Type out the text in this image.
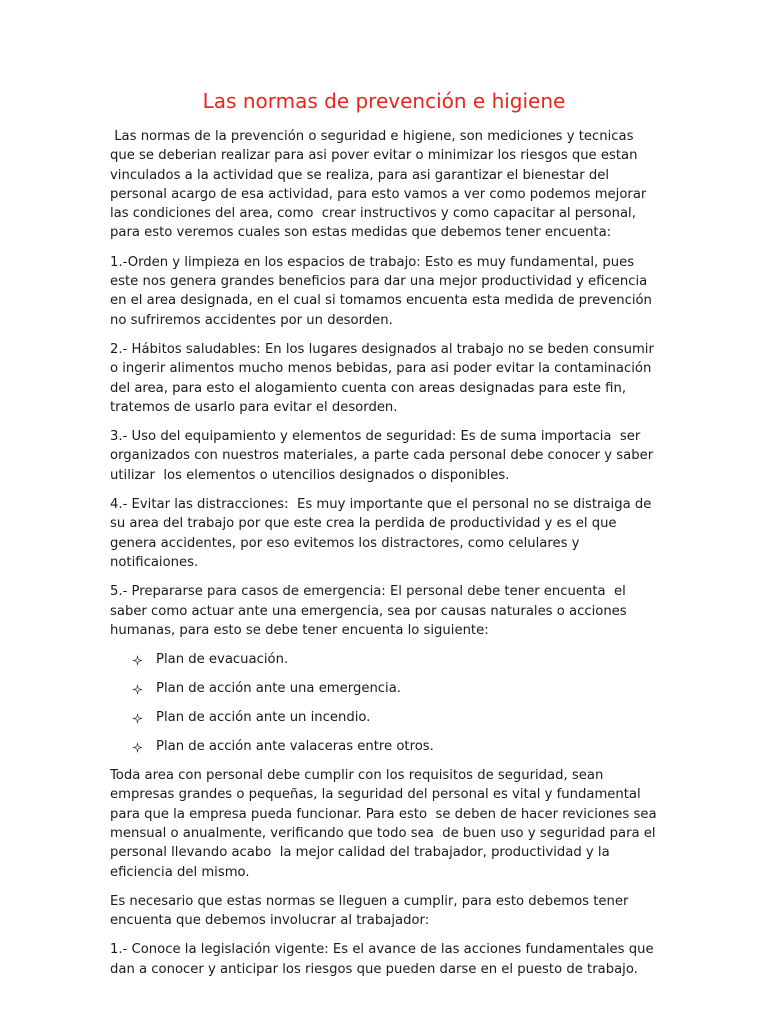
Las normas de prevención e higiene

Las normas de la prevención o seguridad e higiene, son mediciones y tecnicas  que se deberian realizar para asi pover evitar o minimizar los riesgos que estan vinculados a la actividad que se realiza, para asi garantizar el bienestar del personal acargo de esa actividad, para esto vamos a ver como podemos mejorar las condiciones del area, como  crear instructivos y como capacitar al personal, para esto veremos cuales son estas medidas que debemos tener encuenta:

1.-Orden y limpieza en los espacios de trabajo: Esto es muy fundamental, pues este nos genera grandes beneficios para dar una mejor productividad y eficencia en el area designada, en el cual si tomamos encuenta esta medida de prevención no sufriremos accidentes por un desorden.

2.- Hábitos saludables: En los lugares designados al trabajo no se beden consumir o ingerir alimentos mucho menos bebidas, para asi poder evitar la contaminación del area, para esto el alogamiento cuenta con areas designadas para este fin, tratemos de usarlo para evitar el desorden.

3.- Uso del equipamiento y elementos de seguridad: Es de suma importacia  ser organizados con nuestros materiales, a parte cada personal debe conocer y saber utilizar  los elementos o utencilios designados o disponibles.

4.- Evitar las distracciones:  Es muy importante que el personal no se distraiga de su area del trabajo por que este crea la perdida de productividad y es el que genera accidentes, por eso evitemos los distractores, como celulares y notificaiones.

5.- Prepararse para casos de emergencia: El personal debe tener encuenta  el saber como actuar ante una emergencia, sea por causas naturales o acciones humanas, para esto se debe tener encuenta lo siguiente:

Plan de evacuación.
Plan de acción ante una emergencia.
Plan de acción ante un incendio.
Plan de acción ante valaceras entre otros.

Toda area con personal debe cumplir con los requisitos de seguridad, sean empresas grandes o pequeñas, la seguridad del personal es vital y fundamental para que la empresa pueda funcionar. Para esto  se deben de hacer reviciones sea mensual o anualmente, verificando que todo sea  de buen uso y seguridad para el personal llevando acabo  la mejor calidad del trabajador, productividad y la eficiencia del mismo.

Es necesario que estas normas se lleguen a cumplir, para esto debemos tener encuenta que debemos involucrar al trabajador:

1.- Conoce la legislación vigente: Es el avance de las acciones fundamentales que dan a conocer y anticipar los riesgos que pueden darse en el puesto de trabajo.
